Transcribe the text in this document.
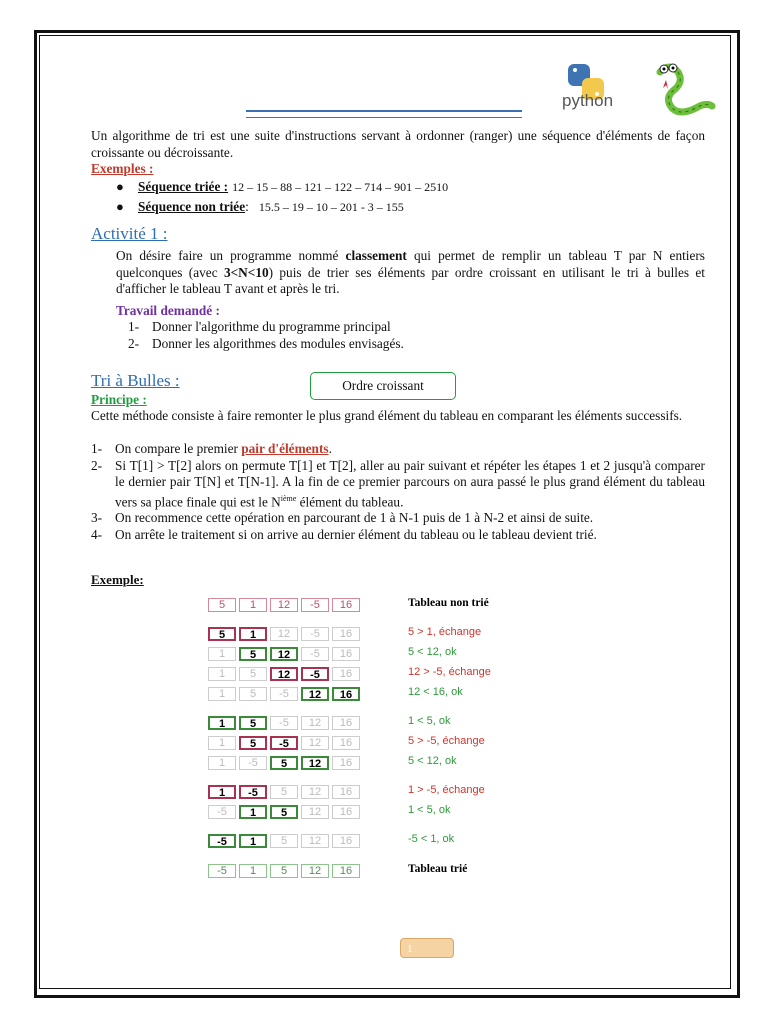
python
Un algorithme de tri est une suite d'instructions servant à ordonner (ranger) une séquence d'éléments de façon croissante ou décroissante.
Exemples :
●	Séquence triée : 12 – 15 – 88 – 121 – 122 – 714 – 901 – 2510
●	Séquence non triée : 15.5 – 19 – 10 – 201 - 3 – 155
Activité 1 :
On désire faire un programme nommé classement qui permet de remplir un tableau T par N entiers quelconques (avec 3<N<10) puis de trier ses éléments par ordre croissant en utilisant le tri à bulles et d'afficher le tableau T avant et après le tri.
Travail demandé :
1- Donner l'algorithme du programme principal
2- Donner les algorithmes des modules envisagés.
Tri à Bulles :	Ordre croissant
Principe :
Cette méthode consiste à faire remonter le plus grand élément du tableau en comparant les éléments successifs.
1- On compare le premier pair d'éléments.
2- Si T[1] > T[2] alors on permute T[1] et T[2], aller au pair suivant et répéter les étapes 1 et 2 jusqu'à comparer le dernier pair T[N] et T[N-1]. A la fin de ce premier parcours on aura passé le plus grand élément du tableau vers sa place finale qui est le $N^{ième}$ élément du tableau.
3- On recommence cette opération en parcourant de 1 à N-1 puis de 1 à N-2 et ainsi de suite.
4- On arrête le traitement si on arrive au dernier élément du tableau ou le tableau devient trié.
Exemple:
5	1	12	-5	16	Tableau non trié
5	1	12	-5	16	5 > 1, échange
1	5	12	-5	16	5 < 12, ok
1	5	12	-5	16	12 > -5, échange
1	5	-5	12	16	12 < 16, ok
1	5	-5	12	16	1 < 5, ok
1	5	-5	12	16	5 > -5, échange
1	-5	5	12	16	5 < 12, ok
1	-5	5	12	16	1 > -5, échange
-5	1	5	12	16	1 < 5, ok
-5	1	5	12	16	-5 < 1, ok
-5	1	5	12	16	Tableau trié
1
